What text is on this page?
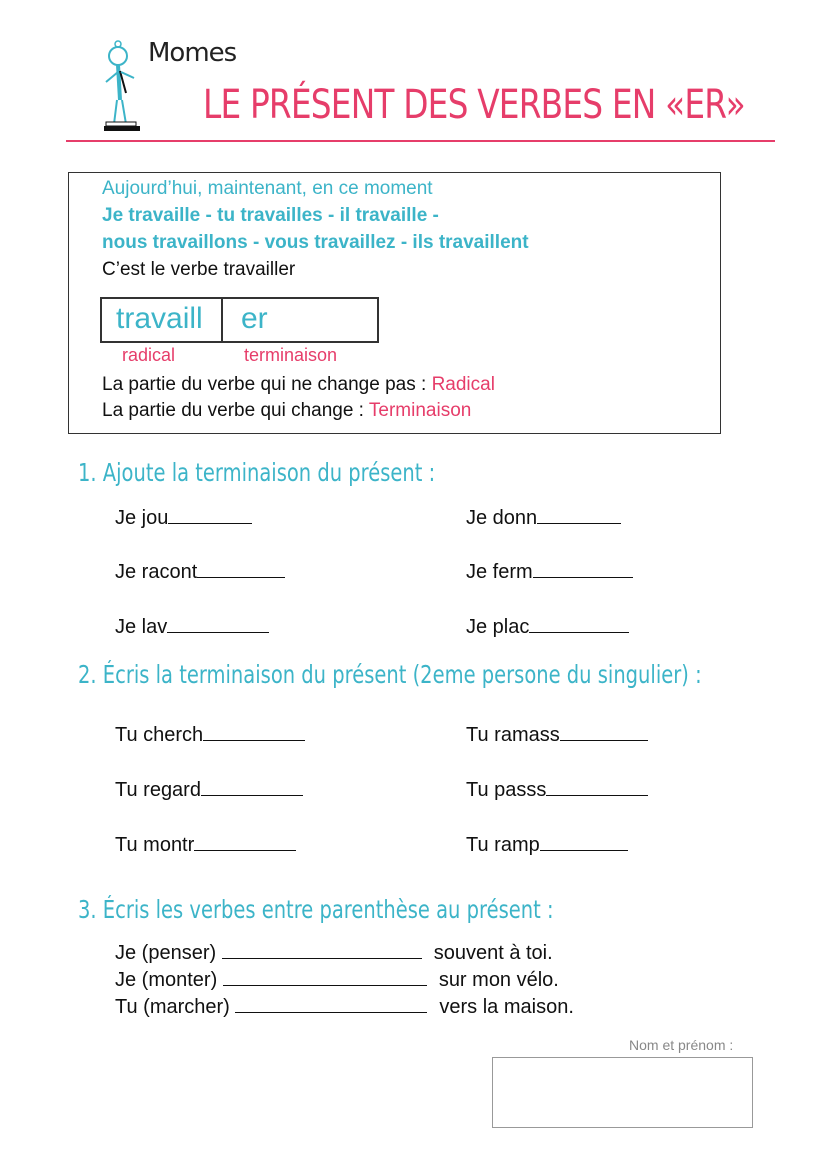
Momes
LE PRÉSENT DES VERBES EN «ER»
Aujourd’hui, maintenant, en ce moment
Je travaille - tu travailles - il travaille -
nous travaillons - vous travaillez - ils travaillent
C’est le verbe travailler
travaill er
radical	terminaison
La partie du verbe qui ne change pas : Radical
La partie du verbe qui change : Terminaison
1. Ajoute la terminaison du présent :
Je jou	Je donn
Je racont	Je ferm
Je lav	Je plac
2. Écris la terminaison du présent (2eme persone du singulier) :
Tu cherch	Tu ramass
Tu regard	Tu passs
Tu montr	Tu ramp
3. Écris les verbes entre parenthèse au présent :
Je (penser)	souvent à toi.
Je (monter)	sur mon vélo.
Tu (marcher)	vers la maison.
Nom et prénom :
